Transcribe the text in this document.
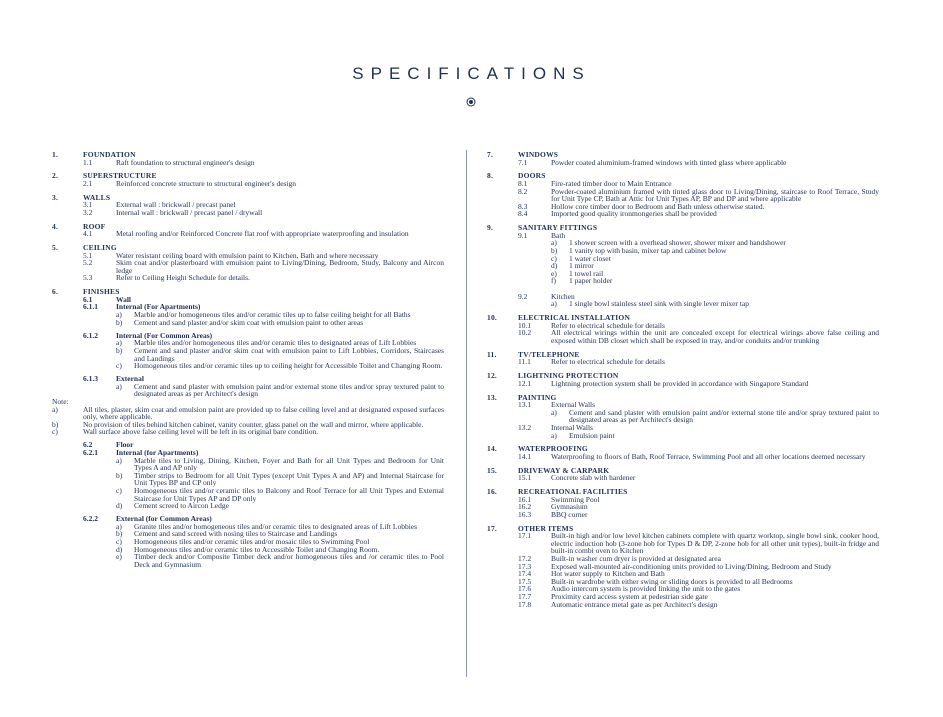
SPECIFICATIONS
1.	FOUNDATION
1.1	Raft foundation to structural engineer's design
2.	SUPERSTRUCTURE
2.1	Reinforced concrete structure to structural engineer's design
3.	WALLS
3.1	External wall : brickwall / precast panel
3.2	Internal wall : brickwall / precast panel / drywall
4.	ROOF
4.1	Metal roofing and/or Reinforced Concrete flat roof with appropriate waterproofing and insulation
5.	CEILING
5.1	Water resistant ceiling board with emulsion paint to Kitchen, Bath and where necessary
5.2	Skim coat and/or plasterboard with emulsion paint to Living/Dining, Bedroom, Study, Balcony and Aircon ledge
5.3	Refer to Ceiling Height Schedule for details.
6.	FINISHES
6.1	Wall
6.1.1	Internal (For Apartments)
a)	Marble and/or homogeneous tiles and/or ceramic tiles up to false ceiling height for all Baths
b)	Cement and sand plaster and/or skim coat with emulsion paint to other areas
6.1.2	Internal (For Common Areas)
a)	Marble tiles and/or homogeneous tiles and/or ceramic tiles to designated areas of Lift Lobbies
b)	Cement and sand plaster and/or skim coat with emulsion paint to Lift Lobbies, Corridors, Staircases and Landings
c)	Homogeneous tiles and/or ceramic tiles up to ceiling height for Accessible Toilet and Changing Room.
6.1.3	External
a)	Cement and sand plaster with emulsion paint and/or external stone tiles and/or spray textured paint to designated areas as per Architect's design
Note:
a)	All tiles, plaster, skim coat and emulsion paint are provided up to false ceiling level and at designated exposed surfaces only, where applicable.
b)	No provision of tiles behind kitchen cabinet, vanity counter, glass panel on the wall and mirror, where applicable.
c)	Wall surface above false ceiling level will be left in its original bare condition.
6.2	Floor
6.2.1	Internal (for Apartments)
a)	Marble tiles to Living, Dining, Kitchen, Foyer and Bath for all Unit Types and Bedroom for Unit Types A and AP only
b)	Timber strips to Bedroom for all Unit Types (except Unit Types A and AP) and Internal Staircase for Unit Types BP and CP only
c)	Homogeneous tiles and/or ceramic tiles to Balcony and Roof Terrace for all Unit Types and External Staircase for Unit Types AP and DP only
d)	Cement screed to Aircon Ledge
6.2.2	External (for Common Areas)
a)	Granite tiles and/or homogeneous tiles and/or ceramic tiles to designated areas of Lift Lobbies
b)	Cement and sand screed with nosing tiles to Staircase and Landings
c)	Homogeneous tiles and/or ceramic tiles and/or mosaic tiles to Swimming Pool
d)	Homogeneous tiles and/or ceramic tiles to Accessible Toilet and Changing Room.
e)	Timber deck and/or Composite Timber deck and/or homogeneous tiles and /or ceramic tiles to Pool Deck and Gymnasium
7.	WINDOWS
7.1	Powder coated aluminium-framed windows with tinted glass where applicable
8.	DOORS
8.1	Fire-rated timber door to Main Entrance
8.2	Powder-coated aluminium framed with tinted glass door to Living/Dining, staircase to Roof Terrace, Study for Unit Type CP, Bath at Attic for Unit Types AP, BP and DP and where applicable
8.3	Hollow core timber door to Bedroom and Bath unless otherwise stated.
8.4	Imported good quality ironmongeries shall be provided
9.	SANITARY FITTINGS
9.1	Bath
a)	1 shower screen with a overhead shower, shower mixer and handshower
b)	1 vanity top with basin, mixer tap and cabinet below
c)	1 water closet
d)	1 mirror
e)	1 towel rail
f)	1 paper holder
9.2	Kitchen
a)	1 single bowl stainless steel sink with single lever mixer tap
10.	ELECTRICAL INSTALLATION
10.1	Refer to electrical schedule for details
10.2	All electrical wirings within the unit are concealed except for electrical wirings above false ceiling and exposed within DB closet which shall be exposed in tray, and/or conduits and/or trunking
11.	TV/TELEPHONE
11.1	Refer to electrical schedule for details
12.	LIGHTNING PROTECTION
12.1	Lightning protection system shall be provided in accordance with Singapore Standard
13.	PAINTING
13.1	External Walls
a)	Cement and sand plaster with emulsion paint and/or external stone tile and/or spray textured paint to designated areas as per Architect's design
13.2	Internal Walls
a)	Emulsion paint
14.	WATERPROOFING
14.1	Waterproofing to floors of Bath, Roof Terrace, Swimming Pool and all other locations deemed necessary
15.	DRIVEWAY & CARPARK
15.1	Concrete slab with hardener
16.	RECREATIONAL FACILITIES
16.1	Swimming Pool
16.2	Gymnasium
16.3	BBQ corner
17.	OTHER ITEMS
17.1	Built-in high and/or low level kitchen cabinets complete with quartz worktop, single bowl sink, cooker hood, electric induction hob (3-zone hob for Types D & DP, 2-zone hob for all other unit types), built-in fridge and built-in combi oven to Kitchen
17.2	Built-in washer cum dryer is provided at designated area
17.3	Exposed wall-mounted air-conditioning units provided to Living/Dining, Bedroom and Study
17.4	Hot water supply to Kitchen and Bath
17.5	Built-in wardrobe with either swing or sliding doors is provided to all Bedrooms
17.6	Audio intercom system is provided linking the unit to the gates
17.7	Proximity card access system at pedestrian side gate
17.8	Automatic entrance metal gate as per Architect's design
